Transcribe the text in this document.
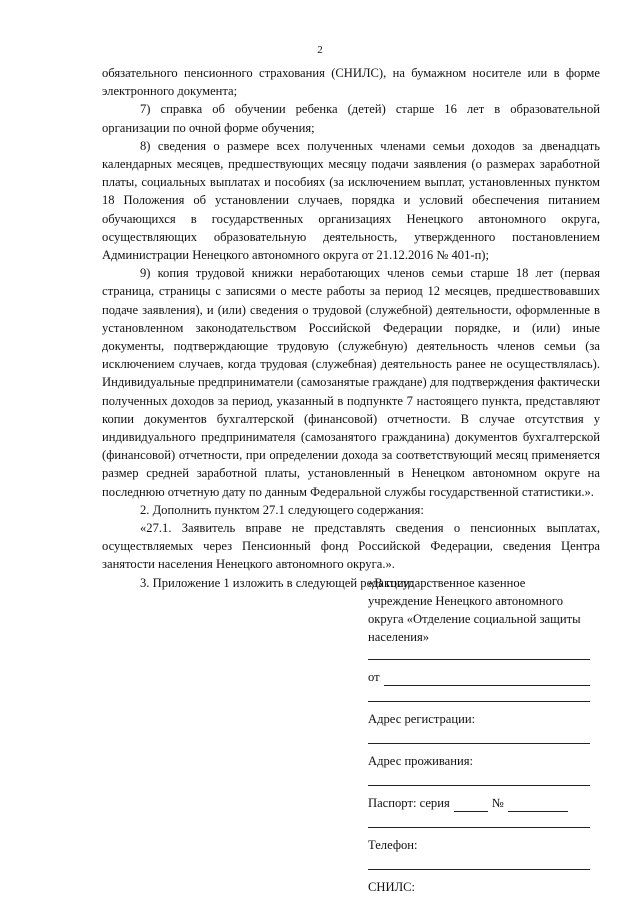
2

обязательного пенсионного страхования (СНИЛС), на бумажном носителе или в форме электронного документа;

7) справка об обучении ребенка (детей) старше 16 лет в образовательной организации по очной форме обучения;

8) сведения о размере всех полученных членами семьи доходов за двенадцать календарных месяцев, предшествующих месяцу подачи заявления (о размерах заработной платы, социальных выплатах и пособиях (за исключением выплат, установленных пунктом 18 Положения об установлении случаев, порядка и условий обеспечения питанием обучающихся в государственных организациях Ненецкого автономного округа, осуществляющих образовательную деятельность, утвержденного постановлением Администрации Ненецкого автономного округа от 21.12.2016 № 401-п);

9) копия трудовой книжки неработающих членов семьи старше 18 лет (первая страница, страницы с записями о месте работы за период 12 месяцев, предшествовавших подаче заявления), и (или) сведения о трудовой (служебной) деятельности, оформленные в установленном законодательством Российской Федерации порядке, и (или) иные документы, подтверждающие трудовую (служебную) деятельность членов семьи (за исключением случаев, когда трудовая (служебная) деятельность ранее не осуществлялась). Индивидуальные предприниматели (самозанятые граждане) для подтверждения фактически полученных доходов за период, указанный в подпункте 7 настоящего пункта, представляют копии документов бухгалтерской (финансовой) отчетности. В случае отсутствия у индивидуального предпринимателя (самозанятого гражданина) документов бухгалтерской (финансовой) отчетности, при определении дохода за соответствующий месяц применяется размер средней заработной платы, установленный в Ненецком автономном округе на последнюю отчетную дату по данным Федеральной службы государственной статистики.».

2. Дополнить пунктом 27.1 следующего содержания:

«27.1. Заявитель вправе не представлять сведения о пенсионных выплатах, осуществляемых через Пенсионный фонд Российской Федерации, сведения Центра занятости населения Ненецкого автономного округа.».

3. Приложение 1 изложить в следующей редакции:

«В государственное казенное учреждение Ненецкого автономного округа «Отделение социальной защиты населения»
от
Адрес регистрации:
Адрес проживания:
Паспорт: серия	№
Телефон:
СНИЛС:
